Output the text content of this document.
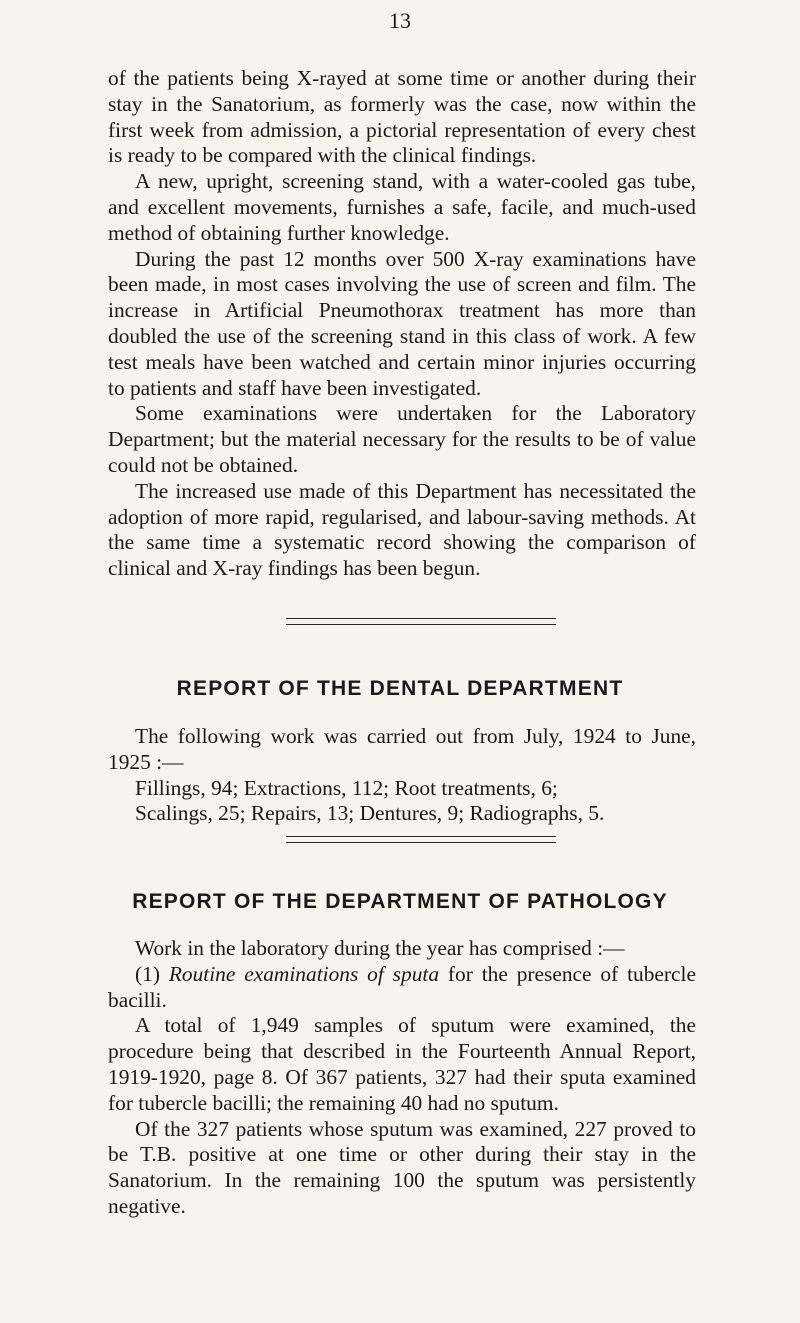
13

of the patients being X-rayed at some time or another during their stay in the Sanatorium, as formerly was the case, now within the first week from admission, a pictorial representation of every chest is ready to be compared with the clinical findings.

A new, upright, screening stand, with a water-cooled gas tube, and excellent movements, furnishes a safe, facile, and much-used method of obtaining further knowledge.

During the past 12 months over 500 X-ray examinations have been made, in most cases involving the use of screen and film. The increase in Artificial Pneumothorax treatment has more than doubled the use of the screening stand in this class of work. A few test meals have been watched and certain minor injuries occurring to patients and staff have been investigated.

Some examinations were undertaken for the Laboratory Department; but the material necessary for the results to be of value could not be obtained.

The increased use made of this Department has necessitated the adoption of more rapid, regularised, and labour-saving methods. At the same time a systematic record showing the comparison of clinical and X-ray findings has been begun.

REPORT OF THE DENTAL DEPARTMENT

The following work was carried out from July, 1924 to June, 1925 :—

Fillings, 94; Extractions, 112; Root treatments, 6;

Scalings, 25; Repairs, 13; Dentures, 9; Radiographs, 5.

REPORT OF THE DEPARTMENT OF PATHOLOGY

Work in the laboratory during the year has comprised :—

(1) Routine examinations of sputa for the presence of tubercle bacilli.

A total of 1,949 samples of sputum were examined, the procedure being that described in the Fourteenth Annual Report, 1919-1920, page 8. Of 367 patients, 327 had their sputa examined for tubercle bacilli; the remaining 40 had no sputum.

Of the 327 patients whose sputum was examined, 227 proved to be T.B. positive at one time or other during their stay in the Sanatorium. In the remaining 100 the sputum was persistently negative.
